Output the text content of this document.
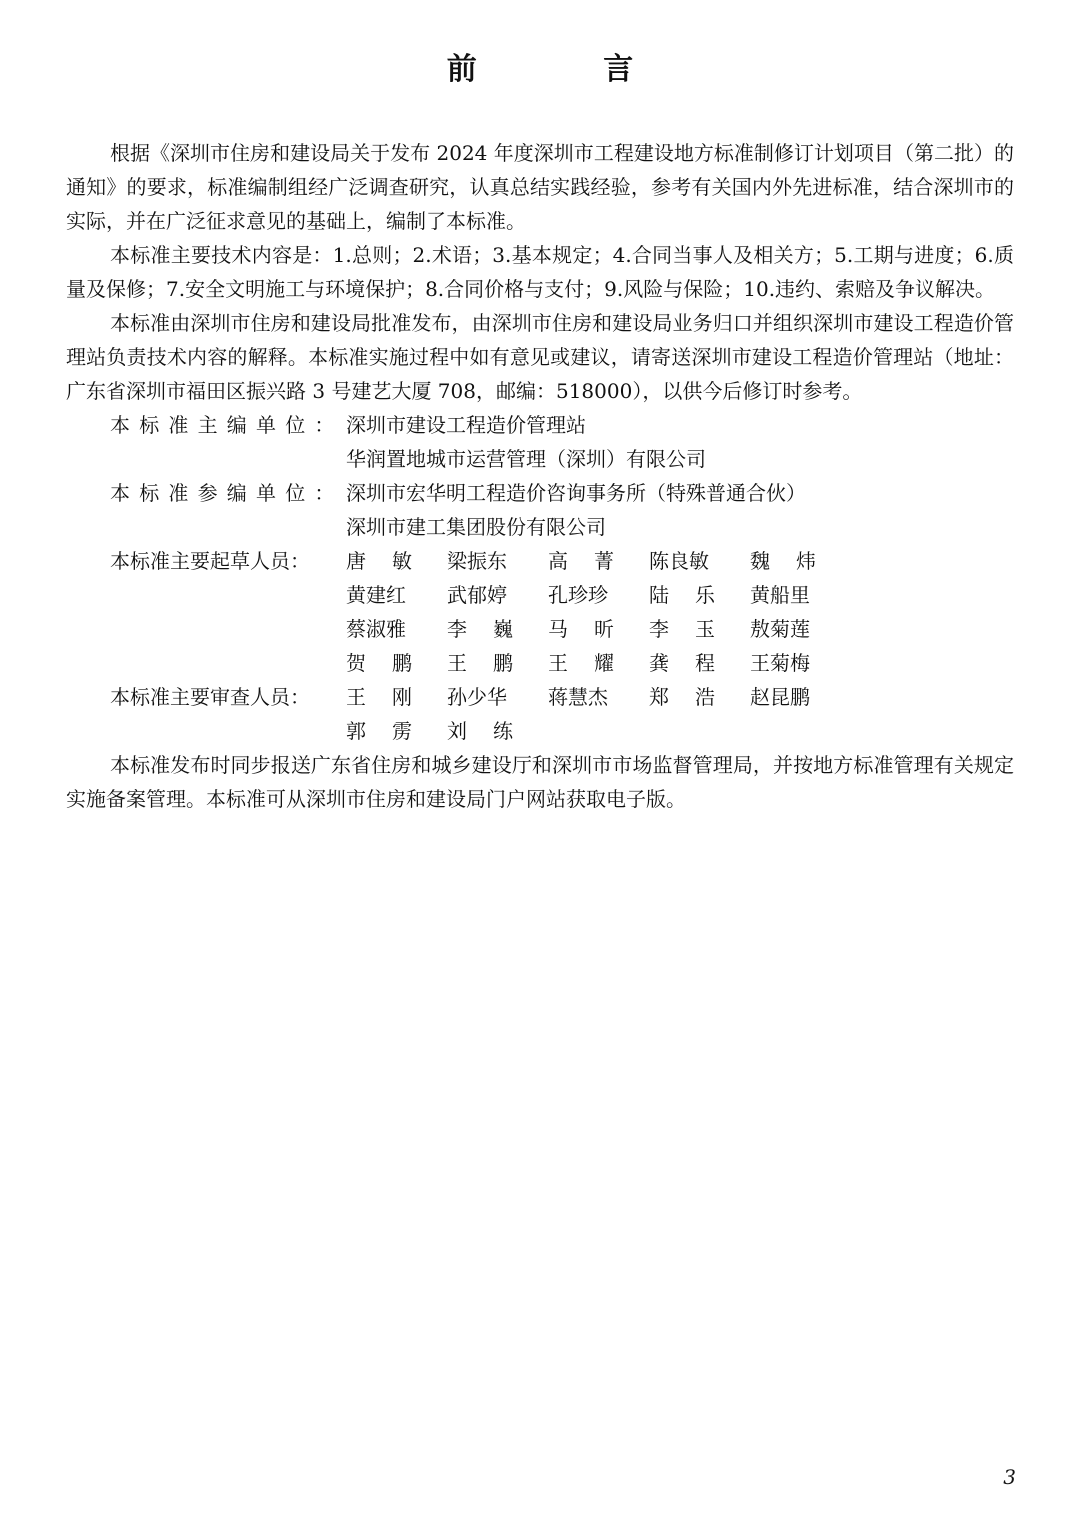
前 言

根据《深圳市住房和建设局关于发布 2024 年度深圳市工程建设地方标准制修订计划项目（第二批）的通知》的要求，标准编制组经广泛调查研究，认真总结实践经验，参考有关国内外先进标准，结合深圳市的实际，并在广泛征求意见的基础上，编制了本标准。

本标准主要技术内容是：1.总则；2.术语；3.基本规定；4.合同当事人及相关方；5.工期与进度；6.质量及保修；7.安全文明施工与环境保护；8.合同价格与支付；9.风险与保险；10.违约、索赔及争议解决。

本标准由深圳市住房和建设局批准发布，由深圳市住房和建设局业务归口并组织深圳市建设工程造价管理站负责技术内容的解释。本标准实施过程中如有意见或建议，请寄送深圳市建设工程造价管理站（地址：广东省深圳市福田区振兴路 3 号建艺大厦 708，邮编：518000），以供今后修订时参考。

本标准主编单位： 深圳市建设工程造价管理站
华润置地城市运营管理（深圳）有限公司
本标准参编单位： 深圳市宏华明工程造价咨询事务所（特殊普通合伙）
深圳市建工集团股份有限公司
本标准主要起草人员：	唐敏 梁振东	高菁 陈良敏	魏炜
黄建红	武郁婷	孔珍珍	陆乐 黄船里
蔡淑雅	李巍 马昕 李玉 敖菊莲
贺鹏 王鹏 王耀 龚程 王菊梅
本标准主要审查人员：	王刚 孙少华	蒋慧杰	郑浩 赵昆鹏
郭雳 刘练

本标准发布时同步报送广东省住房和城乡建设厅和深圳市市场监督管理局，并按地方标准管理有关规定实施备案管理。本标准可从深圳市住房和建设局门户网站获取电子版。

3
